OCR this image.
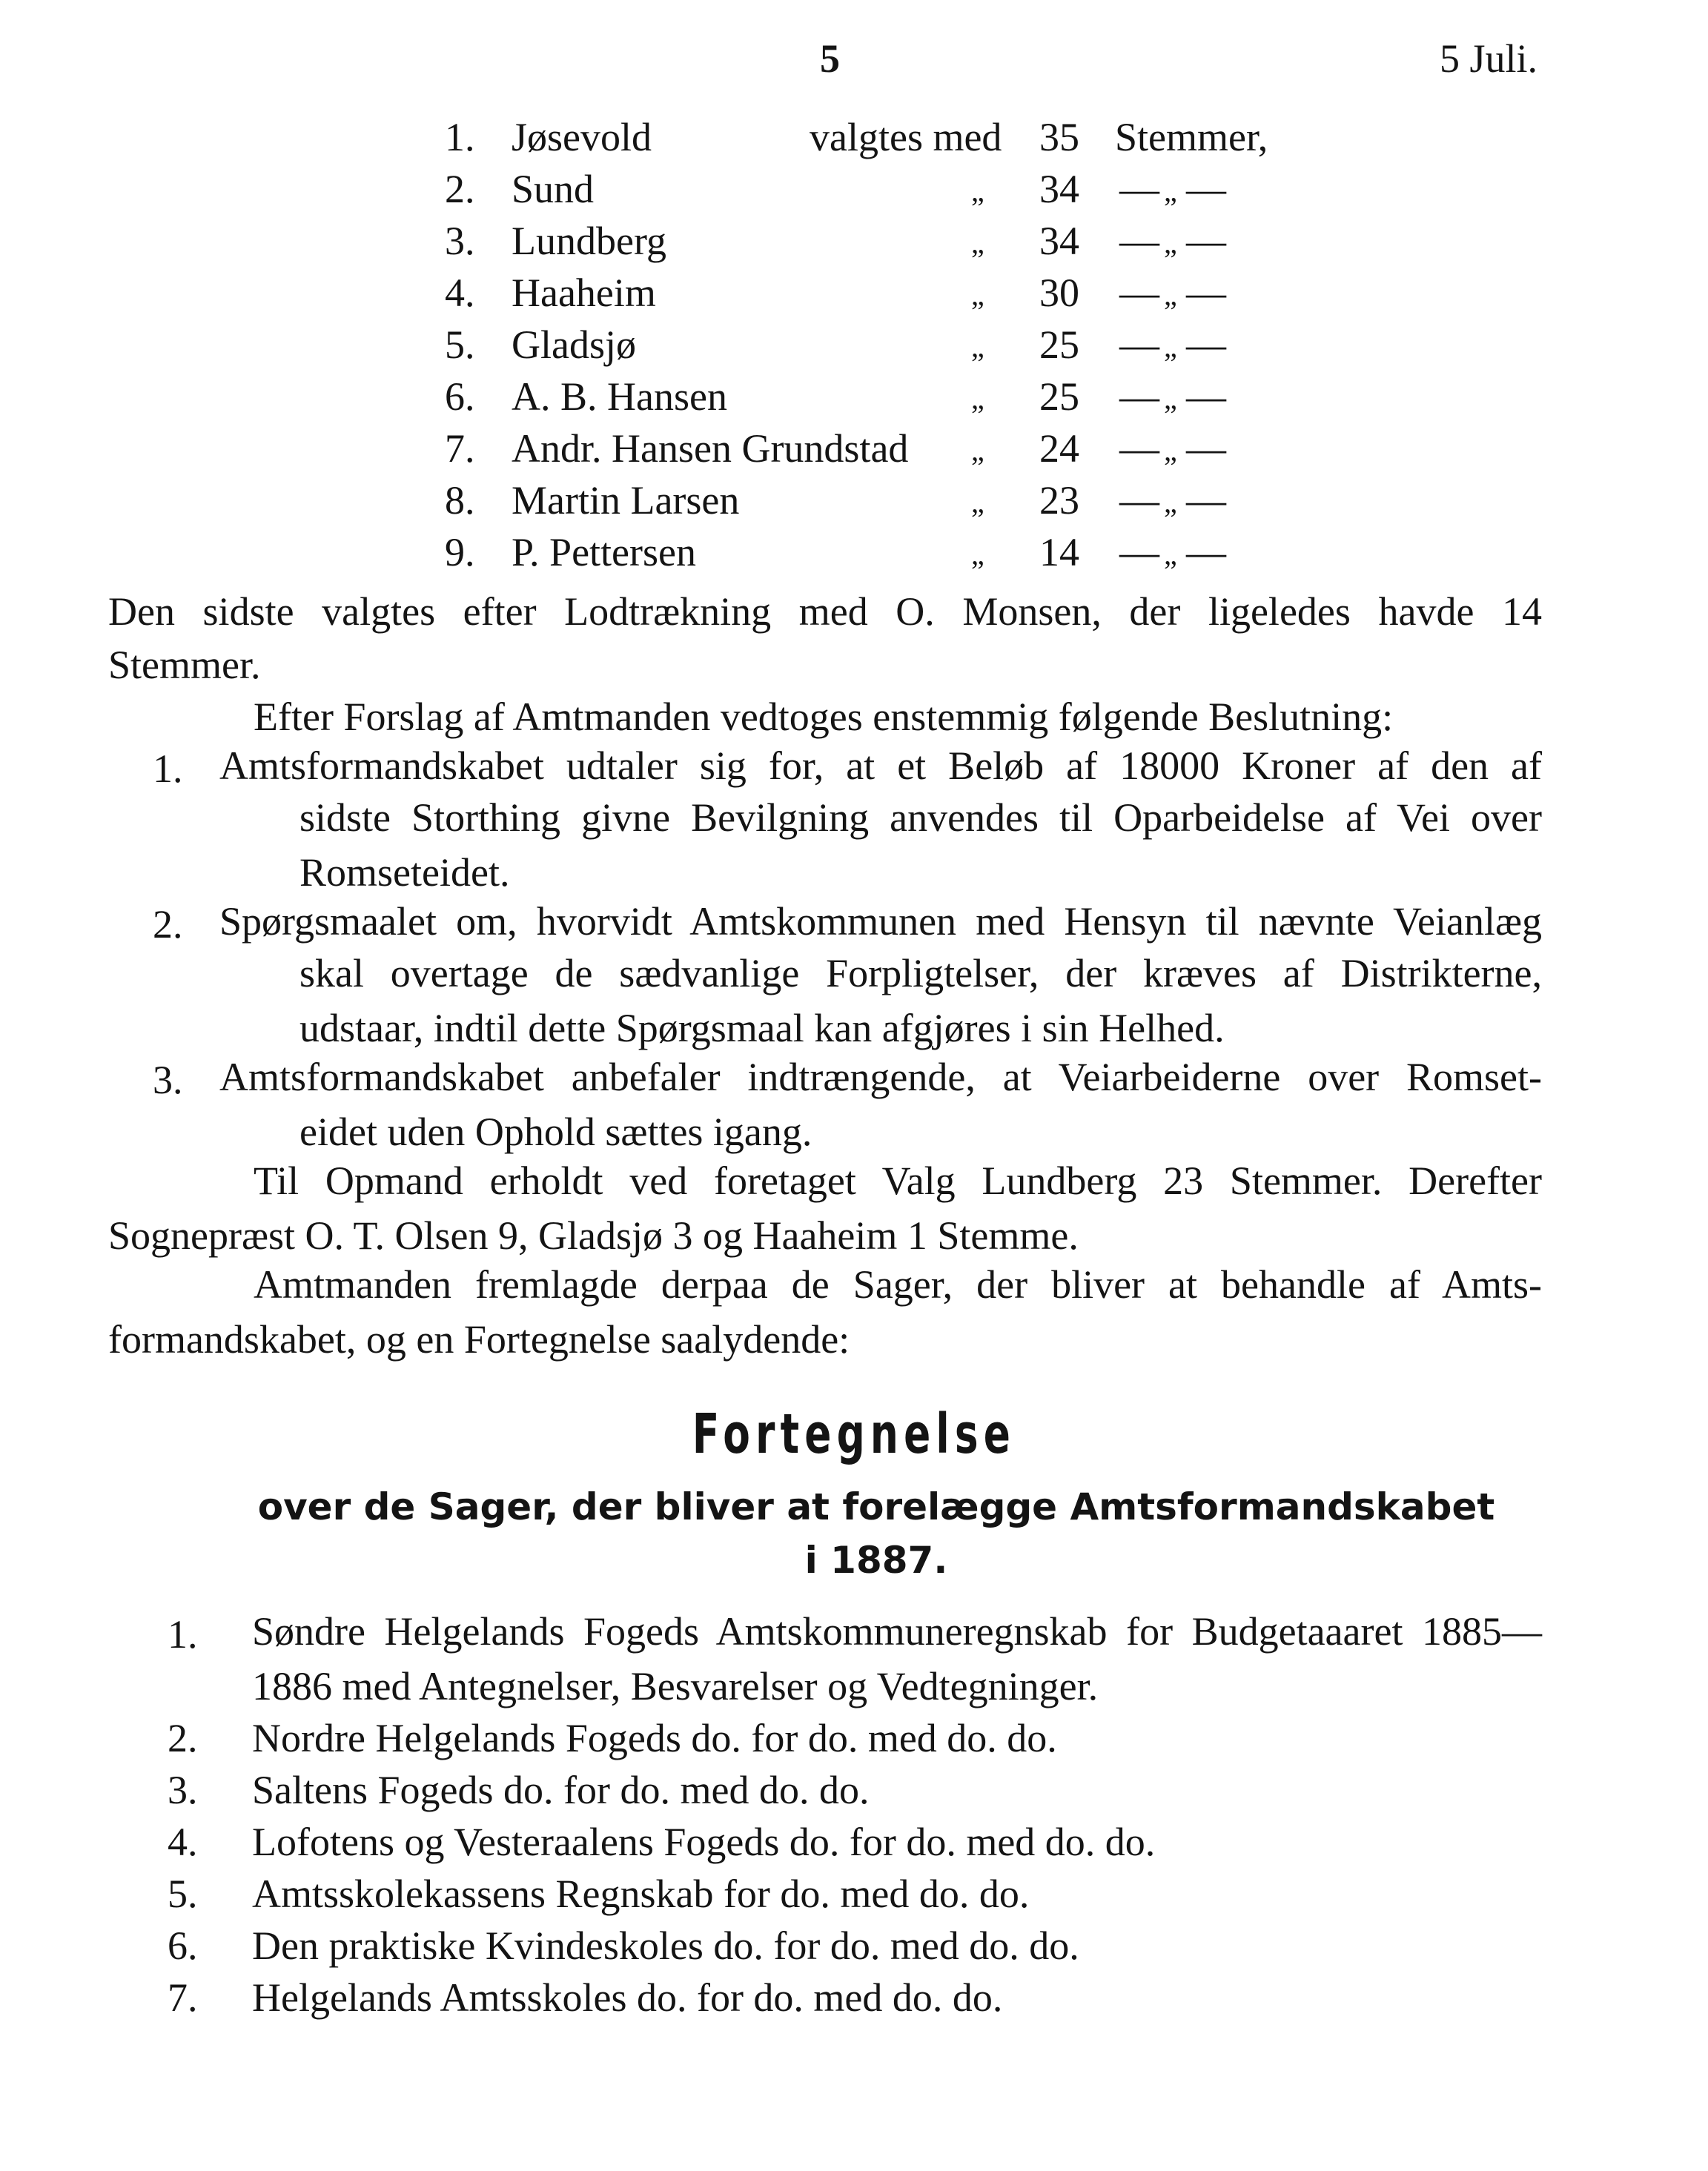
5	5 Juli.
1. Jøsevold	valgtes med 35 Stemmer,
2. Sund	„ 34 — „ —
3. Lundberg	„ 34 — „ —
4. Haaheim	„ 30 — „ —
5. Gladsjø	„ 25 — „ —
6. A. B. Hansen	„ 25 — „ —
7. Andr. Hansen Grundstad „ 24 — „ —
8. Martin Larsen	„ 23 — „ —
9. P. Pettersen	„ 14 — „ —
Den sidste valgtes efter Lodtrækning med O. Monsen, der ligeledes havde 14
Stemmer.
Efter Forslag af Amtmanden vedtoges enstemmig følgende Beslutning:
1. Amtsformandskabet udtaler sig for, at et Beløb af 18000 Kroner af den af
sidste Storthing givne Bevilgning anvendes til Oparbeidelse af Vei over
Romseteidet.
2. Spørgsmaalet om, hvorvidt Amtskommunen med Hensyn til nævnte Veianlæg
skal overtage de sædvanlige Forpligtelser, der kræves af Distrikterne,
udstaar, indtil dette Spørgsmaal kan afgjøres i sin Helhed.
3. Amtsformandskabet anbefaler indtrængende, at Veiarbeiderne over Romset-
eidet uden Ophold sættes igang.
Til Opmand erholdt ved foretaget Valg Lundberg 23 Stemmer. Derefter
Sognepræst O. T. Olsen 9, Gladsjø 3 og Haaheim 1 Stemme.
Amtmanden fremlagde derpaa de Sager, der bliver at behandle af Amts-
formandskabet, og en Fortegnelse saalydende:
Fortegnelse
over de Sager, der bliver at forelægge Amtsformandskabet
i 1887.
1. Søndre Helgelands Fogeds Amtskommuneregnskab for Budgetaaaret 1885—
1886 med Antegnelser, Besvarelser og Vedtegninger.
2. Nordre Helgelands Fogeds do. for do. med do. do.
3. Saltens Fogeds do. for do. med do. do.
4. Lofotens og Vesteraalens Fogeds do. for do. med do. do.
5. Amtsskolekassens Regnskab for do. med do. do.
6. Den praktiske Kvindeskoles do. for do. med do. do.
7. Helgelands Amtsskoles do. for do. med do. do.
